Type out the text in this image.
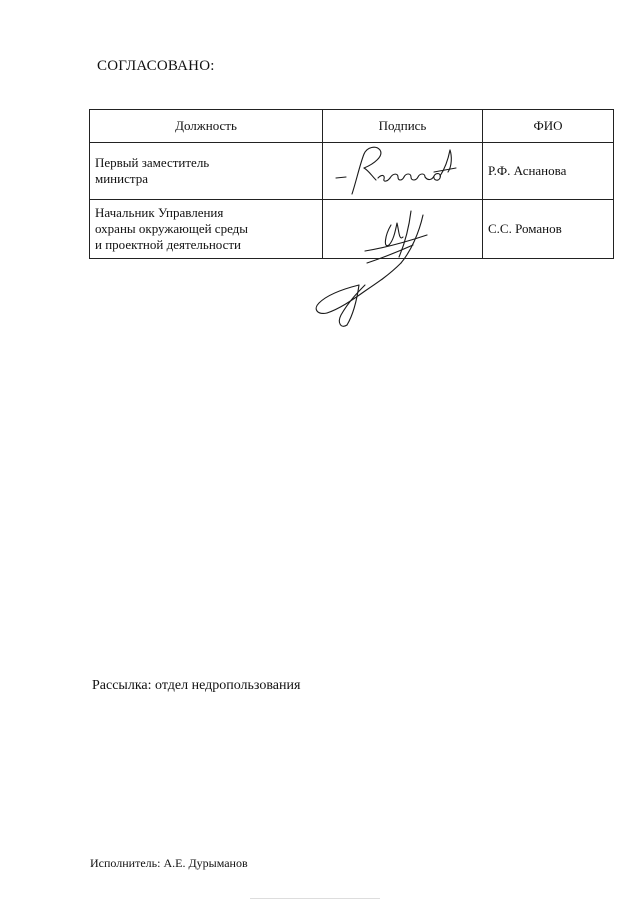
СОГЛАСОВАНО:
Должность	Подпись	ФИО
Первый заместитель
министра		Р.Ф. Аснанова
Начальник Управления
охраны окружающей среды
и проектной деятельности		С.С. Романов
Рассылка: отдел недропользования
Исполнитель: А.Е. Дурыманов
